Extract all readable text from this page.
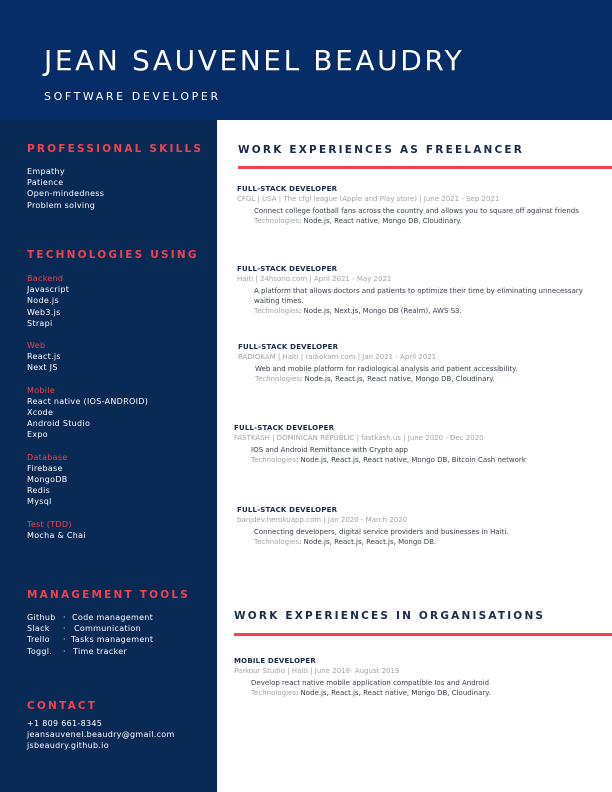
JEAN SAUVENEL BEAUDRY
SOFTWARE DEVELOPER
PROFESSIONAL SKILLS
Empathy
Patience
Open-mindedness
Problem solving
TECHNOLOGIES USING
Backend
Javascript
Node.js
Web3.js
Strapi
Web
React.js
Next JS
Mobile
React native (IOS-ANDROID)
Xcode
Android Studio
Expo
Database
Firebase
MongoDB
Redis
Mysql
Test (TDD)
Mocha & Chai
MANAGEMENT TOOLS
Github · Code management
Slack	·	Communication
Trello	· Tasks management
Toggl.	· Time tracker
CONTACT
+1 809 661-8345
jeansauvenel.beaudry@gmail.com
jsbeaudry.github.io
WORK EXPERIENCES AS FREELANCER
FULL-STACK DEVELOPER
CFGL | USA | The cfgl league (Apple and Play store) | June 2021 - Sep 2021
Connect college football fans across the country and allows you to square off against friends
Technologies: Node.js, React native, Mongo DB, Cloudinary.
FULL-STACK DEVELOPER
Haiti | 24hsono.com | April 2021 - May 2021
A platform that allows doctors and patients to optimize their time by eliminating unnecessary waiting times.
Technologies: Node.js, Next.js, Mongo DB (Realm), AWS S3.
FULL-STACK DEVELOPER
RADIOKAM | Haiti | radiokam.com | Jan 2021 - April 2021
Web and mobile platform for radiological analysis and patient accessibility.
Technologies: Node.js, React.js, React native, Mongo DB, Cloudinary.
FULL-STACK DEVELOPER
FASTKASH | DOMINICAN REPUBLIC | fastkash.us | June 2020 - Dec 2020
IOS and Android Remittance with Crypto app
Technologies: Node.js, React.js, React native, Mongo DB, Bitcoin Cash network
FULL-STACK DEVELOPER
banjdev.herokuapp.com | Jan 2020 - March 2020
Connecting developers, digital service providers and businesses in Haiti.
Technologies: Node.js, React.js, React.js, Mongo DB.
WORK EXPERIENCES IN ORGANISATIONS
MOBILE DEVELOPER
Parkour Studio | Haiti | June 2018- August 2019
Develop react native mobile application compatible Ios and Android
Technologies: Node.js, React.js, React native, Mongo DB, Cloudinary.
